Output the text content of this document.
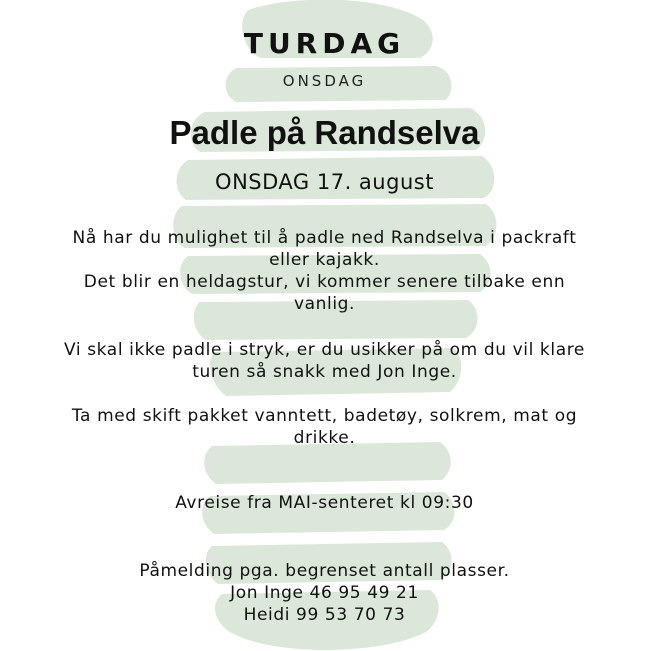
TURDAG
ONSDAG
Padle på Randselva
ONSDAG 17. august
Nå har du mulighet til å padle ned Randselva i packraft
eller kajakk.
Det blir en heldagstur, vi kommer senere tilbake enn
vanlig.
Vi skal ikke padle i stryk, er du usikker på om du vil klare
turen så snakk med Jon Inge.
Ta med skift pakket vanntett, badetøy, solkrem, mat og
drikke.
Avreise fra MAI-senteret kl 09:30
Påmelding pga. begrenset antall plasser.
Jon Inge 46 95 49 21
Heidi 99 53 70 73
